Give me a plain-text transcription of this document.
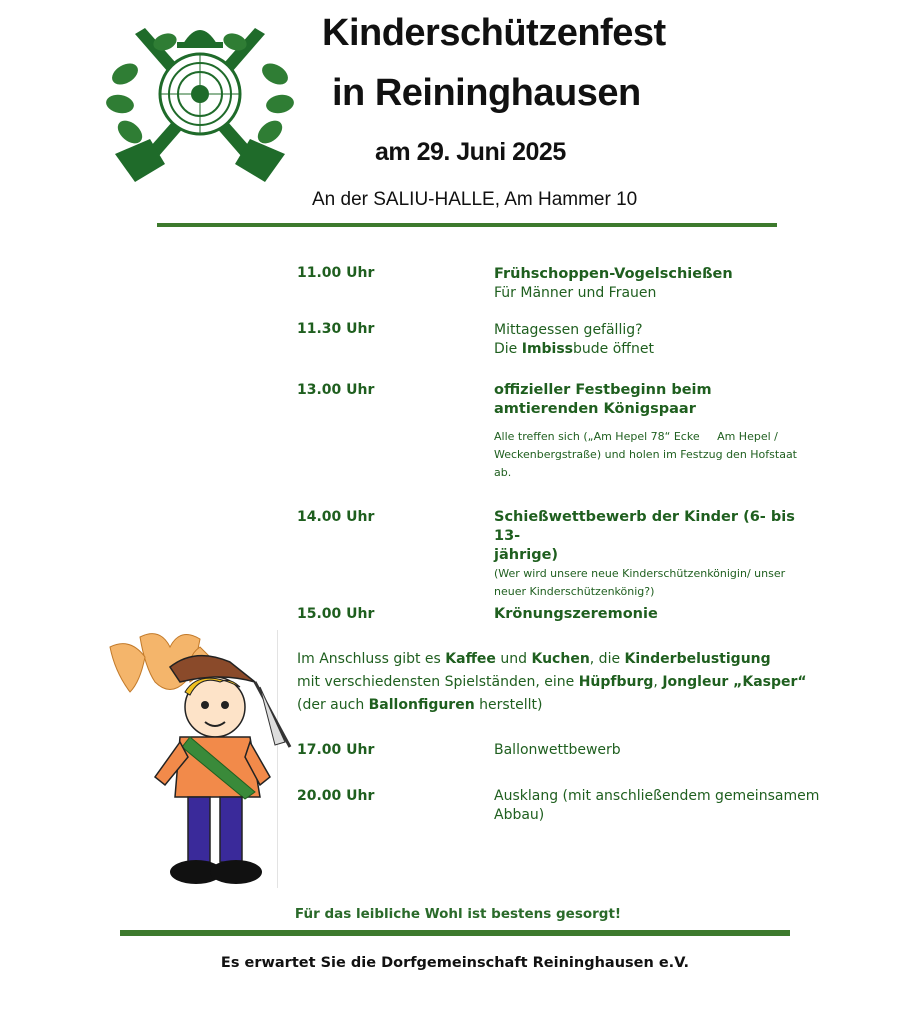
Kinderschützenfest
in Reininghausen
am 29. Juni 2025
An der SALIU-HALLE, Am Hammer 10
11.00 Uhr	Frühschoppen-Vogelschießen
Für Männer und Frauen
11.30 Uhr	Mittagessen gefällig?
Die Imbissbude öffnet
13.00 Uhr	offizieller Festbeginn beim
amtierenden Königspaar
Alle treffen sich („Am Hepel 78“ Ecke     Am Hepel /
Weckenbergstraße) und holen im Festzug den Hofstaat
ab.
14.00 Uhr	Schießwettbewerb der Kinder (6- bis 13-
jährige)
(Wer wird unsere neue Kinderschützenkönigin/ unser
neuer Kinderschützenkönig?)
15.00 Uhr	Krönungszeremonie
Im Anschluss gibt es Kaffee und Kuchen, die Kinderbelustigung
mit verschiedensten Spielständen, eine Hüpfburg, Jongleur „Kasper“
(der auch Ballonfiguren herstellt)
17.00 Uhr	Ballonwettbewerb
20.00 Uhr	Ausklang (mit anschließendem gemeinsamem
Abbau)
Für das leibliche Wohl ist bestens gesorgt!
Es erwartet Sie die Dorfgemeinschaft Reininghausen e.V.
